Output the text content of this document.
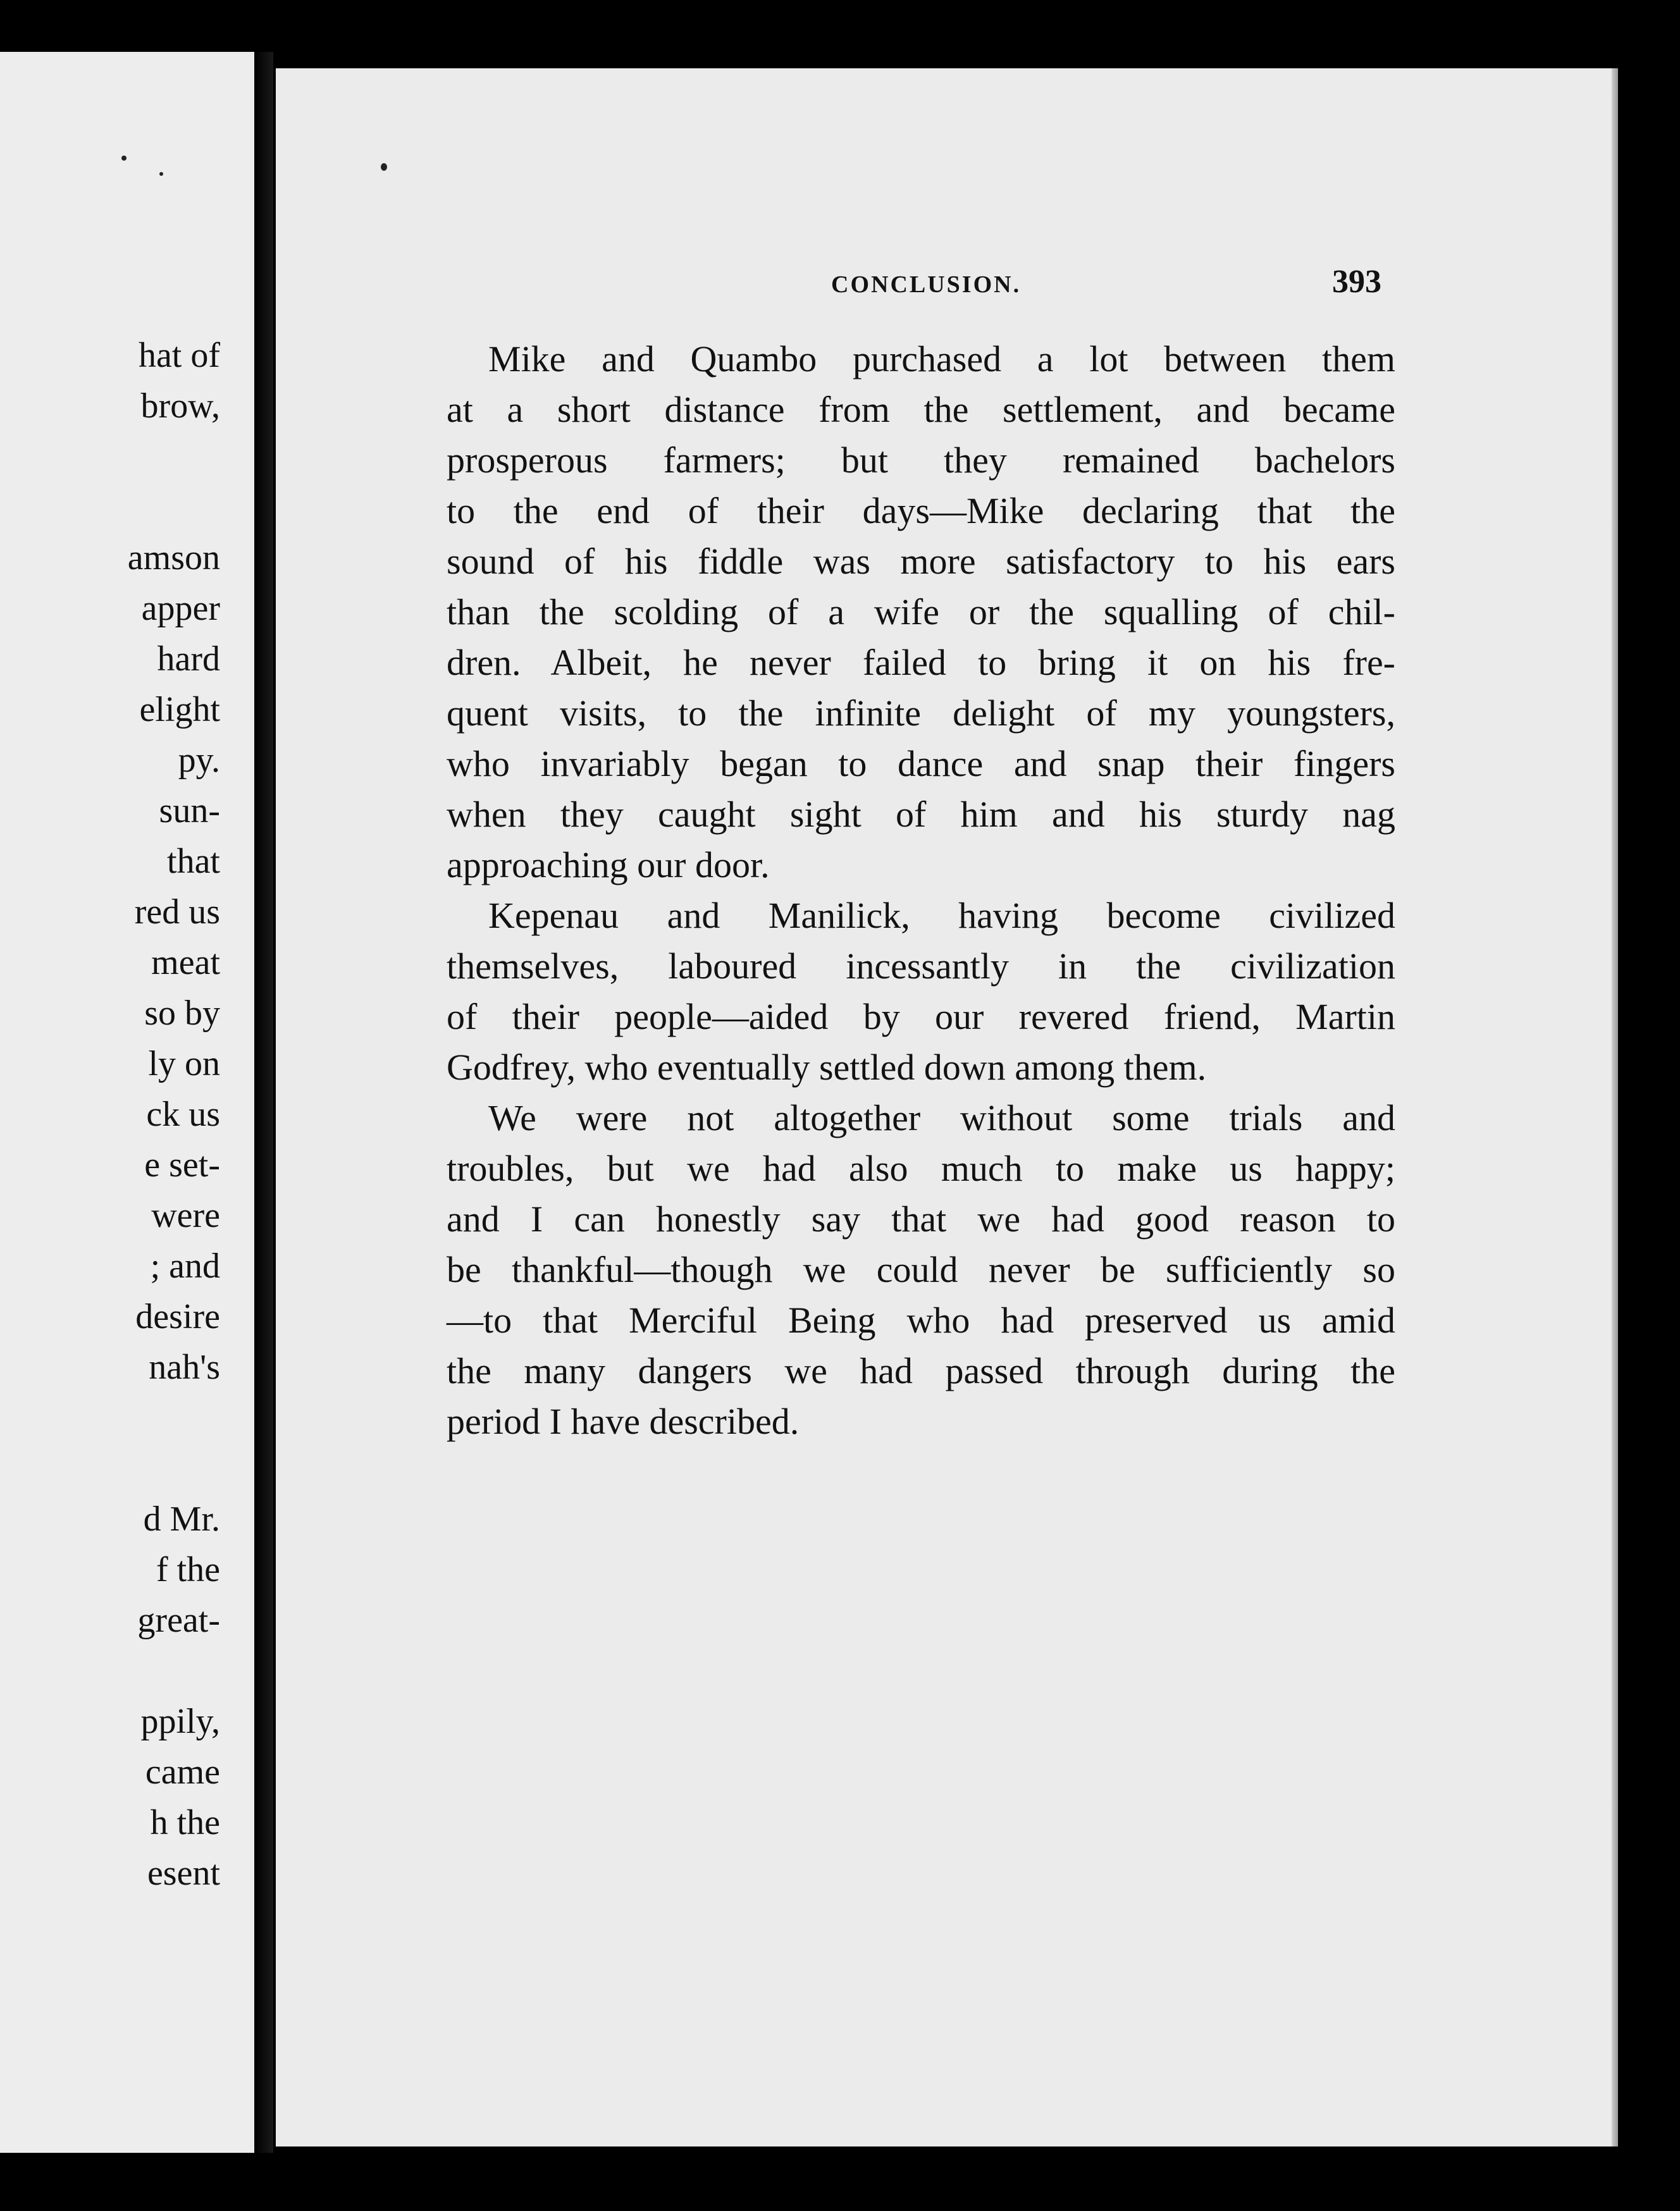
hat of
brow,
amson
apper
hard
elight
py.
sun-
that
red us
meat
so by
ly on
ck us
e set-
were
; and
desire
nah's
d Mr.
f the
great-
ppily,
came
h the
esent
CONCLUSION.	393
Mike and Quambo purchased a lot between them
at a short distance from the settlement, and became
prosperous farmers; but they remained bachelors
to the end of their days—Mike declaring that the
sound of his fiddle was more satisfactory to his ears
than the scolding of a wife or the squalling of chil-
dren. Albeit, he never failed to bring it on his fre-
quent visits, to the infinite delight of my youngsters,
who invariably began to dance and snap their fingers
when they caught sight of him and his sturdy nag
approaching our door.
Kepenau and Manilick, having become civilized
themselves, laboured incessantly in the civilization
of their people—aided by our revered friend, Martin
Godfrey, who eventually settled down among them.
We were not altogether without some trials and
troubles, but we had also much to make us happy;
and I can honestly say that we had good reason to
be thankful—though we could never be sufficiently so
—to that Merciful Being who had preserved us amid
the many dangers we had passed through during the
period I have described.
